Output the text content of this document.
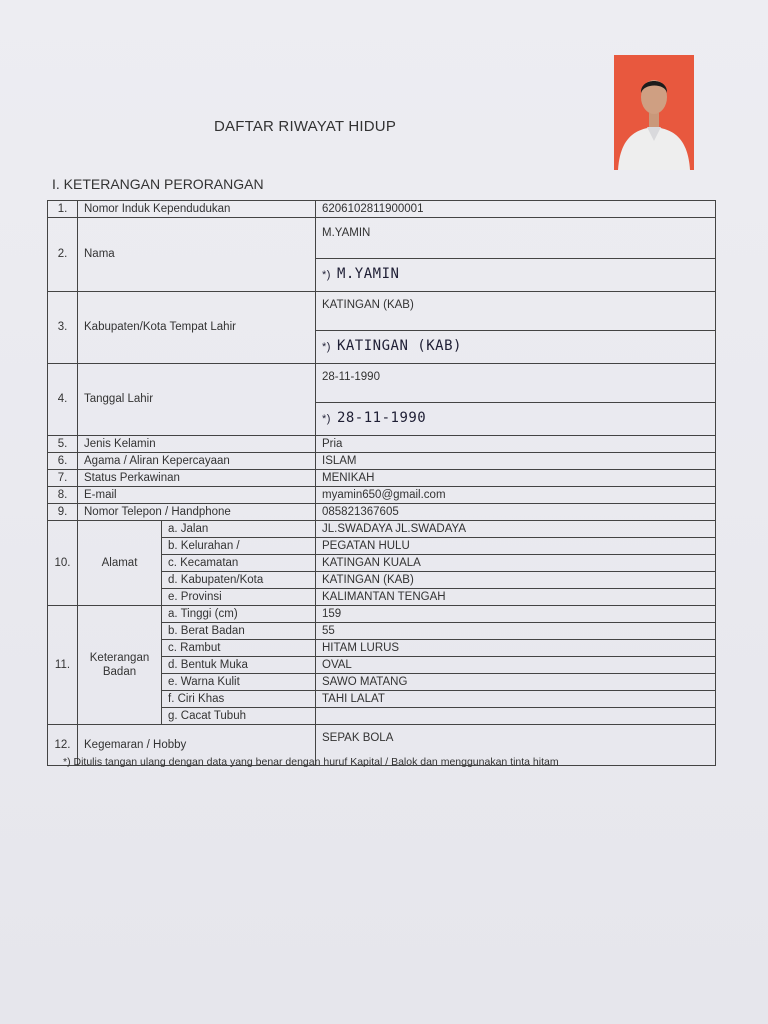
DAFTAR RIWAYAT HIDUP
I. KETERANGAN PERORANGAN
1.	Nomor Induk Kependudukan		6206102811900001
2.	Nama		M.YAMIN
			*) M.YAMIN
3.	Kabupaten/Kota Tempat Lahir		KATINGAN (KAB)
			*) KATINGAN (KAB)
4.	Tanggal Lahir		28-11-1990
			*) 28-11-1990
5.	Jenis Kelamin		Pria
6.	Agama / Aliran Kepercayaan		ISLAM
7.	Status Perkawinan		MENIKAH
8.	E-mail		myamin650@gmail.com
9.	Nomor Telepon / Handphone		085821367605
10.	Alamat	a. Jalan	JL.SWADAYA JL.SWADAYA
		b. Kelurahan /	PEGATAN HULU
		c. Kecamatan	KATINGAN KUALA
		d. Kabupaten/Kota	KATINGAN (KAB)
		e. Provinsi	KALIMANTAN TENGAH
11.	Keterangan Badan	a. Tinggi (cm)	159
		b. Berat Badan	55
		c. Rambut	HITAM LURUS
		d. Bentuk Muka	OVAL
		e. Warna Kulit	SAWO MATANG
		f. Ciri Khas	TAHI LALAT
		g. Cacat Tubuh	
12.	Kegemaran / Hobby		SEPAK BOLA
*) Ditulis tangan ulang dengan data yang benar dengan huruf Kapital / Balok dan menggunakan tinta hitam
